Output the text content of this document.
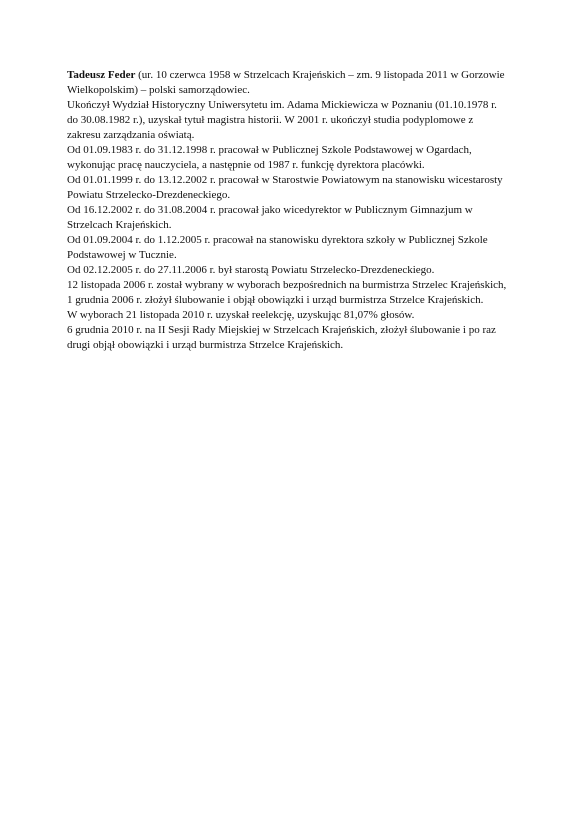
Tadeusz Feder (ur. 10 czerwca 1958 w Strzelcach Krajeńskich – zm. 9 listopada 2011 w Gorzowie Wielkopolskim) – polski samorządowiec.

Ukończył Wydział Historyczny Uniwersytetu im. Adama Mickiewicza w Poznaniu (01.10.1978 r. do 30.08.1982 r.), uzyskał tytuł magistra historii. W 2001 r. ukończył studia podyplomowe z zakresu zarządzania oświatą.

Od 01.09.1983 r. do 31.12.1998 r. pracował w Publicznej Szkole Podstawowej w Ogardach, wykonując pracę nauczyciela, a następnie od 1987 r. funkcję dyrektora placówki.

Od 01.01.1999 r. do 13.12.2002 r. pracował w Starostwie Powiatowym na stanowisku wicestarosty Powiatu Strzelecko-Drezdeneckiego.

Od 16.12.2002 r. do 31.08.2004 r. pracował jako wicedyrektor w Publicznym Gimnazjum w Strzelcach Krajeńskich.

Od 01.09.2004 r. do 1.12.2005 r. pracował na stanowisku dyrektora szkoły w Publicznej Szkole Podstawowej w Tucznie.

Od 02.12.2005 r. do 27.11.2006 r. był starostą Powiatu Strzelecko-Drezdeneckiego.

12 listopada 2006 r. został wybrany w wyborach bezpośrednich na burmistrza Strzelec Krajeńskich, 1 grudnia 2006 r. złożył ślubowanie i objął obowiązki i urząd burmistrza Strzelce Krajeńskich.

W wyborach 21 listopada 2010 r. uzyskał reelekcję, uzyskując 81,07% głosów.

6 grudnia 2010 r. na II Sesji Rady Miejskiej w Strzelcach Krajeńskich, złożył ślubowanie i po raz drugi objął obowiązki i urząd burmistrza Strzelce Krajeńskich.
